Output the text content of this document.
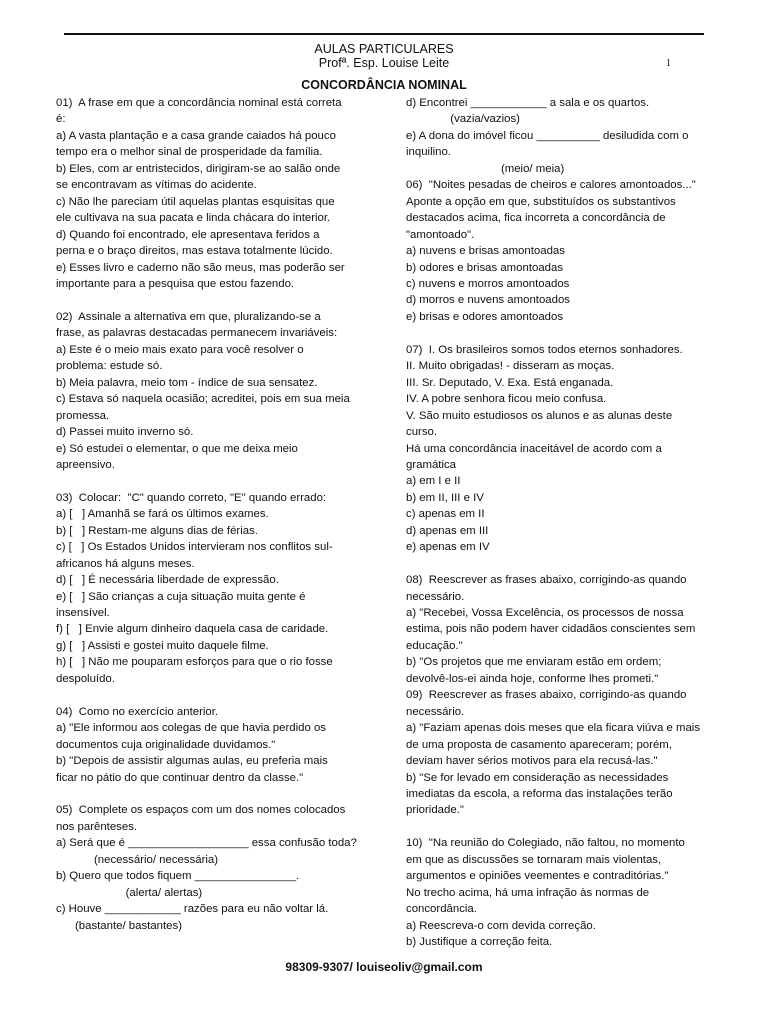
AULAS PARTICULARES
Profª. Esp. Louise Leite	1
CONCORDÂNCIA NOMINAL
01)  A frase em que a concordância nominal está correta
é:
a) A vasta plantação e a casa grande caiados há pouco
tempo era o melhor sinal de prosperidade da família.
b) Eles, com ar entristecidos, dirigiram-se ao salão onde
se encontravam as vítimas do acidente.
c) Não lhe pareciam útil aquelas plantas esquisitas que
ele cultivava na sua pacata e linda chácara do interior.
d) Quando foi encontrado, ele apresentava feridos a
perna e o braço direitos, mas estava totalmente lúcido.
e) Esses livro e caderno não são meus, mas poderão ser
importante para a pesquisa que estou fazendo.
02)  Assinale a alternativa em que, pluralizando-se a
frase, as palavras destacadas permanecem invariáveis:
a) Este é o meio mais exato para você resolver o
problema: estude só.
b) Meia palavra, meio tom - índice de sua sensatez.
c) Estava só naquela ocasião; acreditei, pois em sua meia
promessa.
d) Passei muito inverno só.
e) Só estudei o elementar, o que me deixa meio
apreensivo.
03)  Colocar:  "C" quando correto, "E" quando errado:
a) [   ] Amanhã se fará os últimos exames.
b) [   ] Restam-me alguns dias de férias.
c) [   ] Os Estados Unidos intervieram nos conflitos sul-
africanos há alguns meses.
d) [   ] É necessária liberdade de expressão.
e) [   ] São crianças a cuja situação muita gente é
insensível.
f) [   ] Envie algum dinheiro daquela casa de caridade.
g) [   ] Assisti e gostei muito daquele filme.
h) [   ] Não me pouparam esforços para que o rio fosse
despoluído.
04)  Como no exercício anterior.
a) "Ele informou aos colegas de que havia perdido os
documentos cuja originalidade duvidamos."
b) "Depois de assistir algumas aulas, eu preferia mais
ficar no pátio do que continuar dentro da classe."
05)  Complete os espaços com um dos nomes colocados
nos parênteses.
a) Será que é ___________________ essa confusão toda?
(necessário/ necessária)
b) Quero que todos fiquem ________________.
(alerta/ alertas)
c) Houve ____________ razões para eu não voltar lá.
(bastante/ bastantes)
d) Encontrei ____________ a sala e os quartos.
(vazia/vazios)
e) A dona do imóvel ficou __________ desiludida com o
inquilino.
(meio/ meia)
06)  "Noites pesadas de cheiros e calores amontoados..."
Aponte a opção em que, substituídos os substantivos
destacados acima, fica incorreta a concordância de
"amontoado".
a) nuvens e brisas amontoadas
b) odores e brisas amontoadas
c) nuvens e morros amontoados
d) morros e nuvens amontoados
e) brisas e odores amontoados
07)  I. Os brasileiros somos todos eternos sonhadores.
II. Muito obrigadas! - disseram as moças.
III. Sr. Deputado, V. Exa. Está enganada.
IV. A pobre senhora ficou meio confusa.
V. São muito estudiosos os alunos e as alunas deste
curso.
Há uma concordância inaceitável de acordo com a
gramática
a) em I e II
b) em II, III e IV
c) apenas em II
d) apenas em III
e) apenas em IV
08)  Reescrever as frases abaixo, corrigindo-as quando
necessário.
a) "Recebei, Vossa Excelência, os processos de nossa
estima, pois não podem haver cidadãos conscientes sem
educação."
b) "Os projetos que me enviaram estão em ordem;
devolvê-los-ei ainda hoje, conforme lhes prometi."
09)  Reescrever as frases abaixo, corrigindo-as quando
necessário.
a) "Faziam apenas dois meses que ela ficara viúva e mais
de uma proposta de casamento apareceram; porém,
deviam haver sérios motivos para ela recusá-las."
b) "Se for levado em consideração as necessidades
imediatas da escola, a reforma das instalações terão
prioridade."
10)  "Na reunião do Colegiado, não faltou, no momento
em que as discussões se tornaram mais violentas,
argumentos e opiniões veementes e contraditórias."
No trecho acima, há uma infração às normas de
concordância.
a) Reescreva-o com devida correção.
b) Justifique a correção feita.
98309-9307/ louiseoliv@gmail.com
